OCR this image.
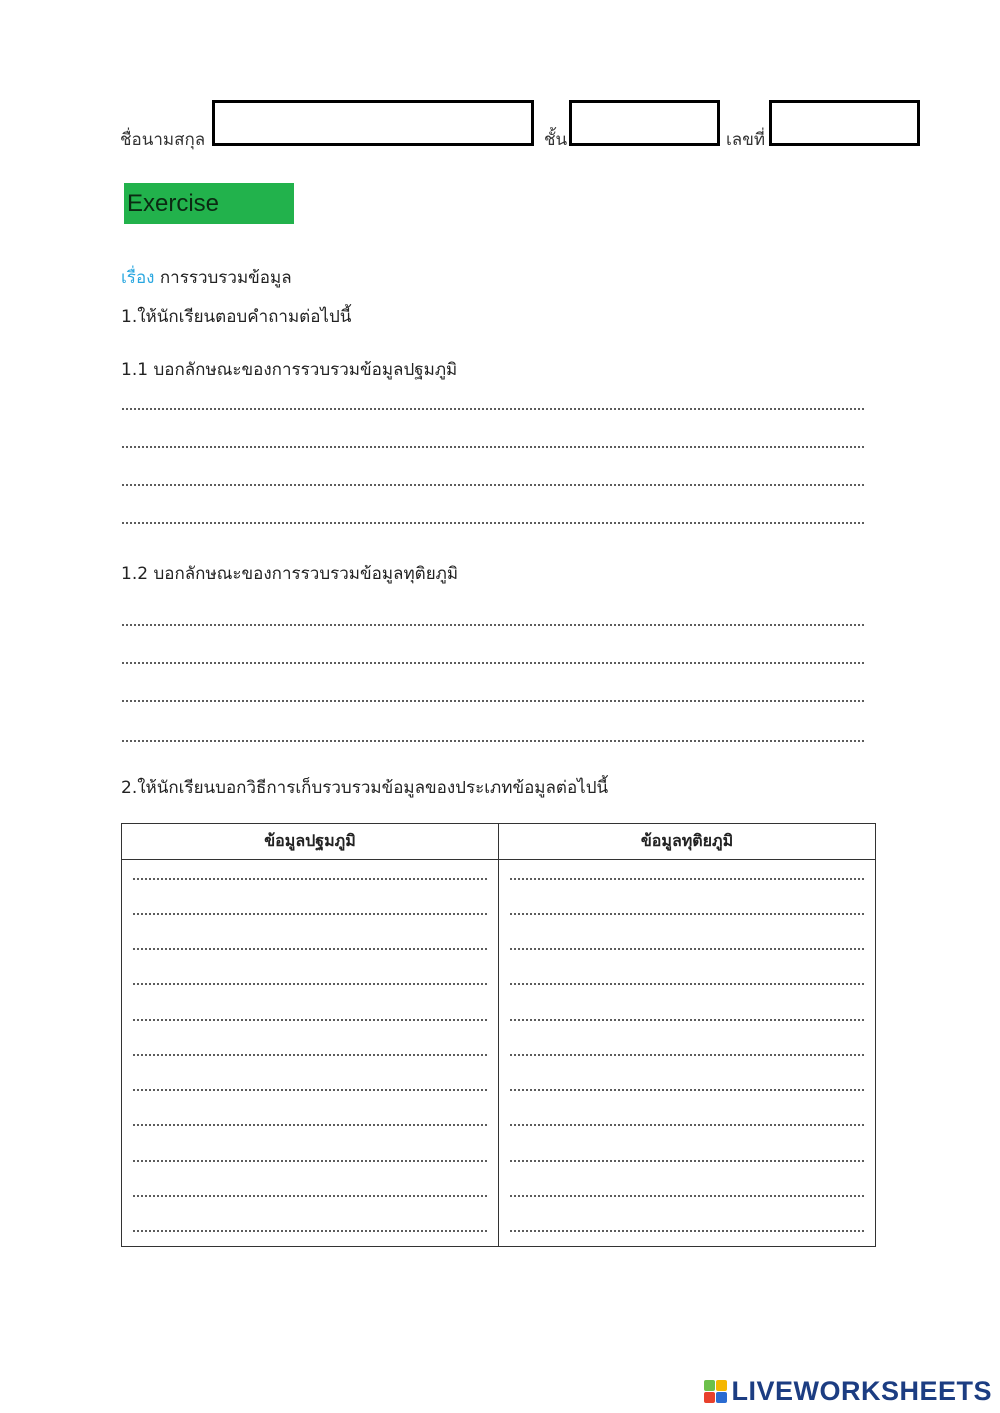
ชื่อนามสกุล	ชั้น	เลขที่
Exercise
เรื่อง การรวบรวมข้อมูล
1.ให้นักเรียนตอบคำถามต่อไปนี้
1.1 บอกลักษณะของการรวบรวมข้อมูลปฐมภูมิ
1.2 บอกลักษณะของการรวบรวมข้อมูลทุติยภูมิ
2.ให้นักเรียนบอกวิธีการเก็บรวบรวมข้อมูลของประเภทข้อมูลต่อไปนี้
ข้อมูลปฐมภูมิ	ข้อมูลทุติยภูมิ

LIVEWORKSHEETS
